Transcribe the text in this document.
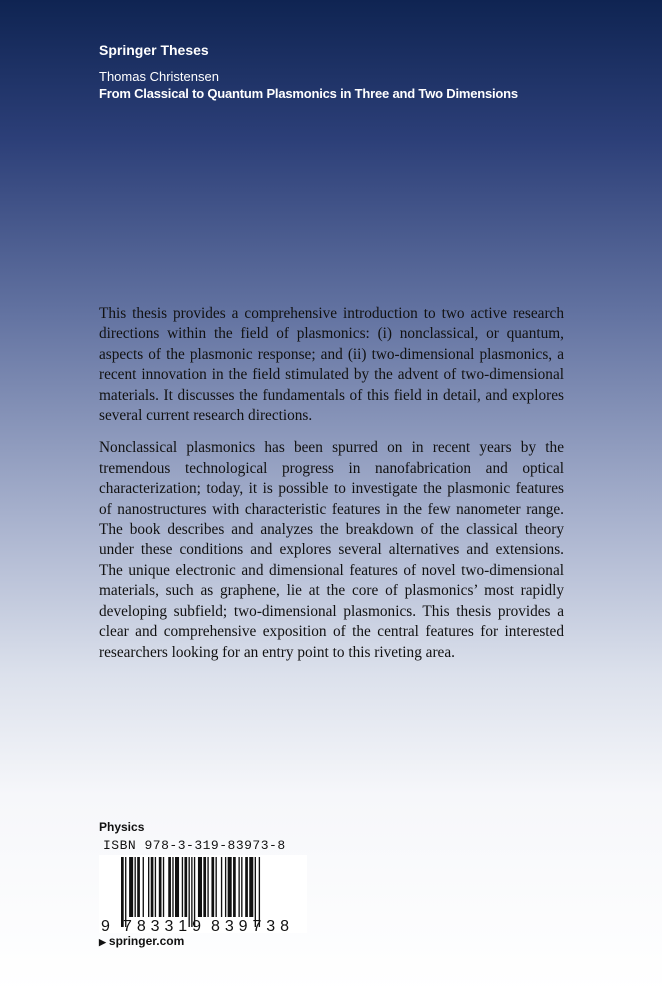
Springer Theses
Thomas Christensen
From Classical to Quantum Plasmonics in Three and Two Dimensions

This thesis provides a comprehensive introduction to two active research directions within the field of plasmonics: (i) nonclassical, or quantum, aspects of the plasmonic response; and (ii) two-dimensional plasmonics, a recent innovation in the field stimulated by the advent of two-dimensional materials. It discusses the fundamentals of this field in detail, and explores several current research directions.

Nonclassical plasmonics has been spurred on in recent years by the tremendous technological progress in nanofabrication and optical characterization; today, it is possible to investigate the plasmonic features of nanostructures with characteristic features in the few nanometer range. The book describes and analyzes the breakdown of the classical theory under these conditions and explores several alternatives and extensions. The unique electronic and dimensional features of novel two-dimensional materials, such as graphene, lie at the core of plasmonics’ most rapidly developing subfield; two-dimensional plasmonics. This thesis provides a clear and comprehensive exposition of the central features for interested researchers looking for an entry point to this riveting area.

Physics
ISBN 978-3-319-83973-8
9 783319 839738
▶ springer.com
